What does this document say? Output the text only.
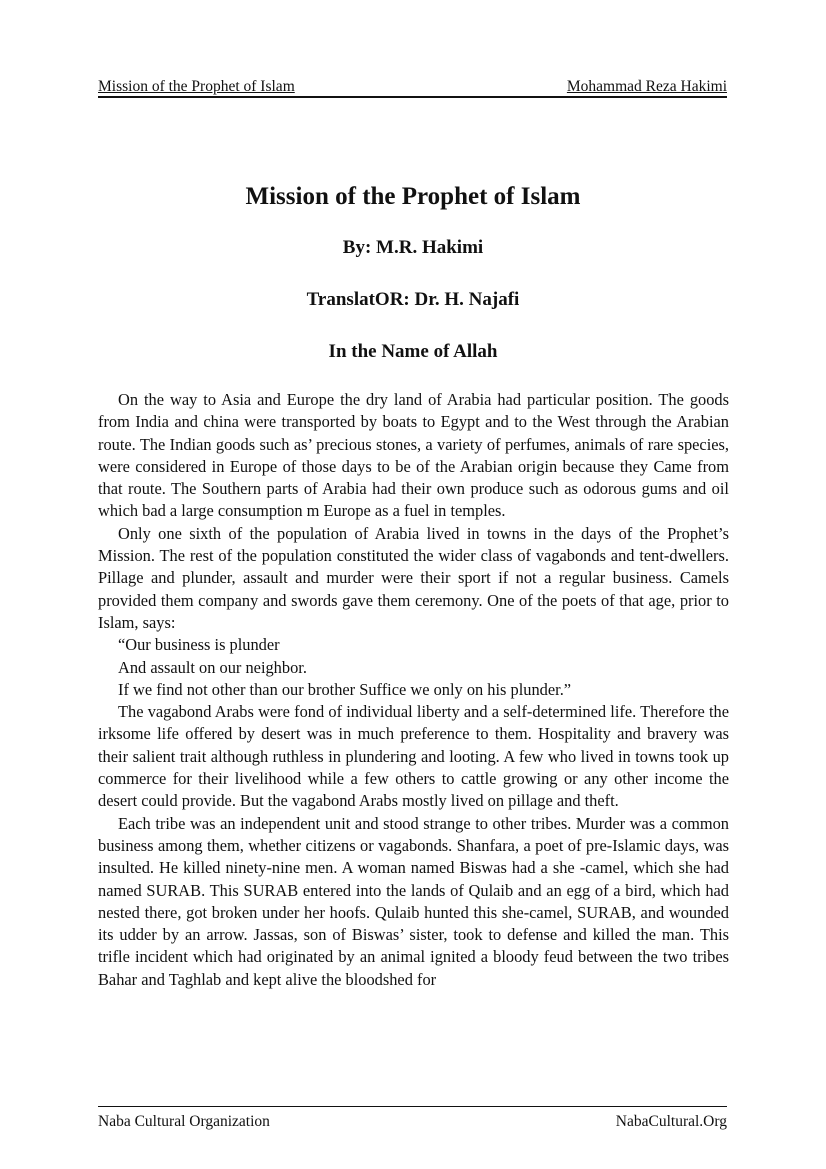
Mission of the Prophet of Islam	Mohammad Reza Hakimi
Mission of the Prophet of Islam
By: M.R. Hakimi
TranslatOR: Dr. H. Najafi
In the Name of Allah

On the way to Asia and Europe the dry land of Arabia had particular position. The goods from India and china were transported by boats to Egypt and to the West through the Arabian route. The Indian goods such as’ precious stones, a variety of perfumes, animals of rare species, were considered in Europe of those days to be of the Arabian origin because they Came from that route. The Southern parts of Arabia had their own produce such as odorous gums and oil which bad a large consumption m Europe as a fuel in temples.

Only one sixth of the population of Arabia lived in towns in the days of the Prophet’s Mission. The rest of the population constituted the wider class of vagabonds and tent-dwellers. Pillage and plunder, assault and murder were their sport if not a regular business. Camels provided them company and swords gave them ceremony. One of the poets of that age, prior to Islam, says:

“Our business is plunder

And assault on our neighbor.

If we find not other than our brother Suffice we only on his plunder.”

The vagabond Arabs were fond of individual liberty and a self-determined life. Therefore the irksome life offered by desert was in much preference to them. Hospitality and bravery was their salient trait although ruthless in plundering and looting. A few who lived in towns took up commerce for their livelihood while a few others to cattle growing or any other income the desert could provide. But the vagabond Arabs mostly lived on pillage and theft.

Each tribe was an independent unit and stood strange to other tribes. Murder was a common business among them, whether citizens or vagabonds. Shanfara, a poet of pre-Islamic days, was insulted. He killed ninety-nine men. A woman named Biswas had a she -camel, which she had named SURAB. This SURAB entered into the lands of Qulaib and an egg of a bird, which had nested there, got broken under her hoofs. Qulaib hunted this she-camel, SURAB, and wounded its udder by an arrow. Jassas, son of Biswas’ sister, took to defense and killed the man. This trifle incident which had originated by an animal ignited a bloody feud between the two tribes Bahar and Taghlab and kept alive the bloodshed for

Naba Cultural Organization	NabaCultural.Org
